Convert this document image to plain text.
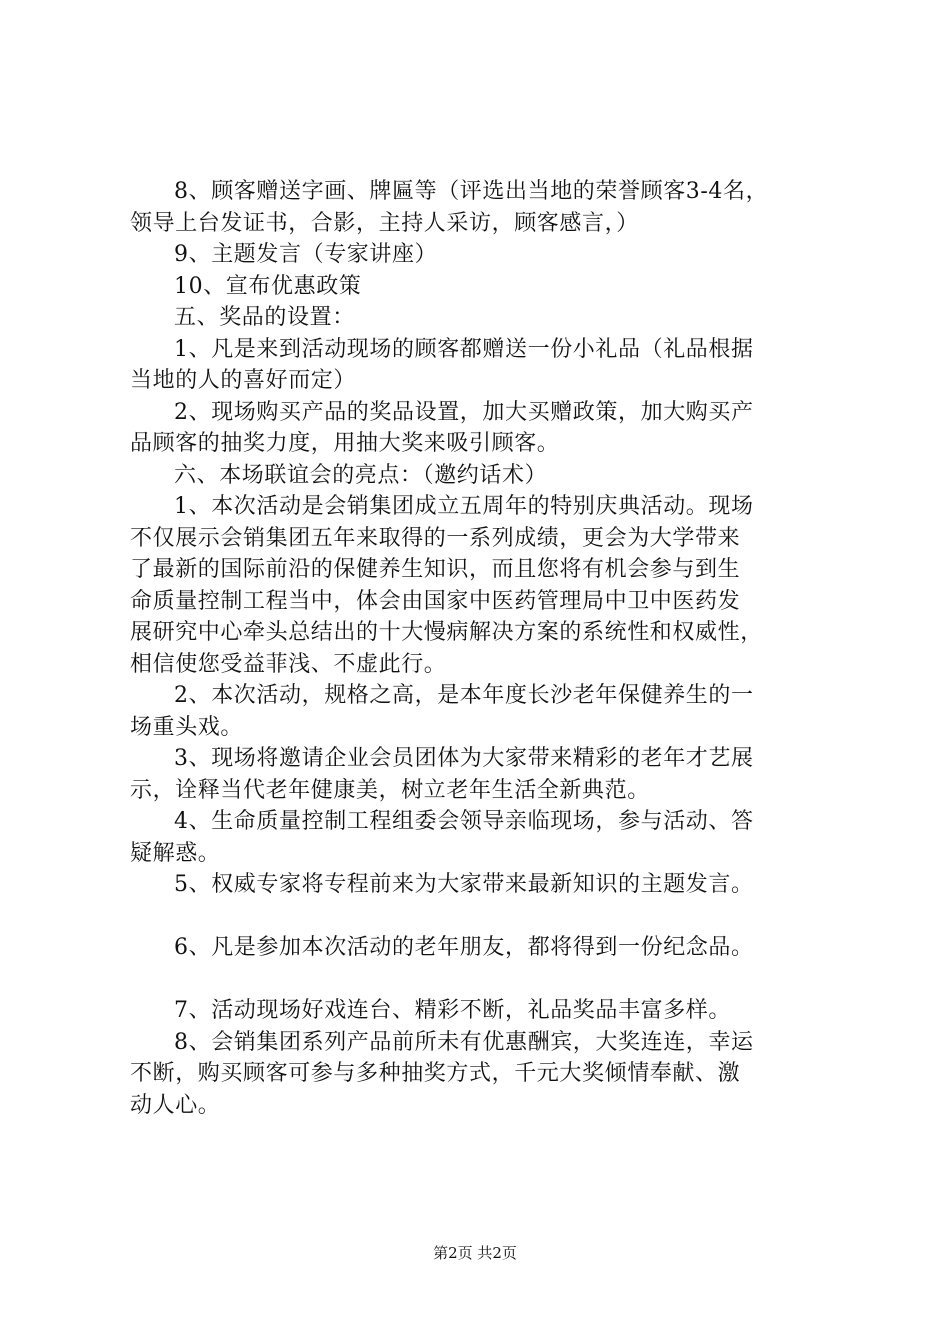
8、顾客赠送字画、牌匾等（评选出当地的荣誉顾客3-4名，
领导上台发证书，合影，主持人采访，顾客感言，）
9、主题发言（专家讲座）
10、宣布优惠政策
五、奖品的设置：
1、凡是来到活动现场的顾客都赠送一份小礼品（礼品根据
当地的人的喜好而定）
2、现场购买产品的奖品设置，加大买赠政策，加大购买产
品顾客的抽奖力度，用抽大奖来吸引顾客。
六、本场联谊会的亮点：（邀约话术）
1、本次活动是会销集团成立五周年的特别庆典活动。现场
不仅展示会销集团五年来取得的一系列成绩，更会为大学带来
了最新的国际前沿的保健养生知识，而且您将有机会参与到生
命质量控制工程当中，体会由国家中医药管理局中卫中医药发
展研究中心牵头总结出的十大慢病解决方案的系统性和权威性，
相信使您受益菲浅、不虚此行。
2、本次活动，规格之高，是本年度长沙老年保健养生的一
场重头戏。
3、现场将邀请企业会员团体为大家带来精彩的老年才艺展
示，诠释当代老年健康美，树立老年生活全新典范。
4、生命质量控制工程组委会领导亲临现场，参与活动、答
疑解惑。
5、权威专家将专程前来为大家带来最新知识的主题发言。
6、凡是参加本次活动的老年朋友，都将得到一份纪念品。
7、活动现场好戏连台、精彩不断，礼品奖品丰富多样。
8、会销集团系列产品前所未有优惠酬宾，大奖连连，幸运
不断，购买顾客可参与多种抽奖方式，千元大奖倾情奉献、激
动人心。
第2页 共2页
